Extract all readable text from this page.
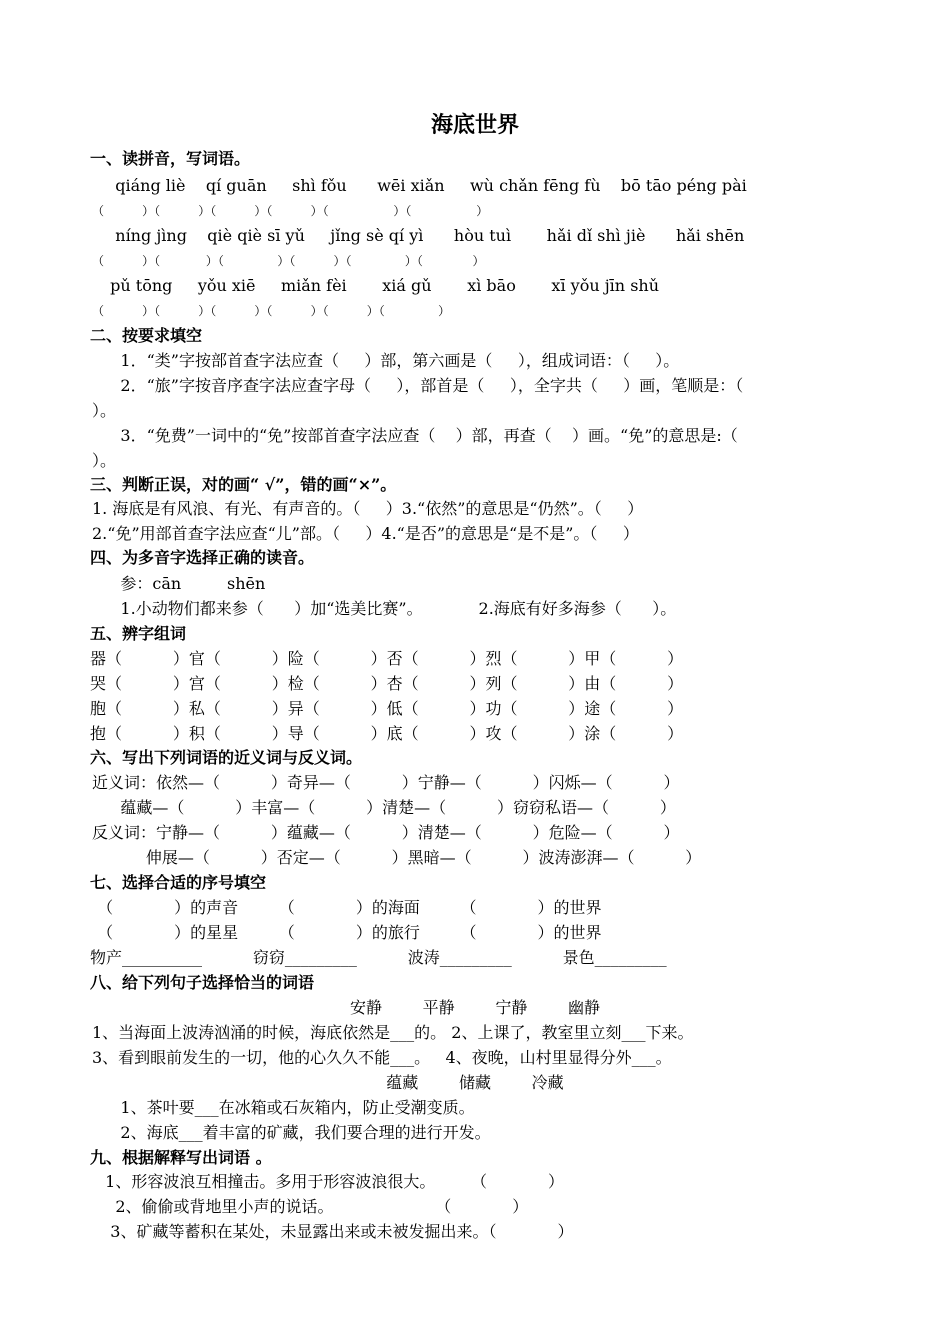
海底世界
一、读拼音，写词语。
qiáng liè    qí guān     shì fǒu      wēi xiǎn     wù chǎn fēng fù    bō tāo péng pài
（          ）（          ）（          ）（          ）（                 ）（                 ）
níng jìng    qiè qiè sī yǔ     jǐng sè qí yì      hòu tuì       hǎi dǐ shì jiè      hǎi shēn
（          ）（            ）（              ）（          ）（              ）（             ）
pǔ tōng     yǒu xiē     miǎn fèi       xiá gǔ       xì bāo       xī yǒu jīn shǔ
（          ）（          ）（          ）（          ）（          ）（              ）
二、按要求填空
1．“类”字按部首查字法应查（     ）部，第六画是（     ），组成词语：（     ）。
2．“旅”字按音序查字法应查字母（     ），部首是（     ），全字共（     ）画，笔顺是：（
）。
3．“免费”一词中的“免”按部首查字法应查（    ）部，再查（    ）画。“免”的意思是:（
）。
三、判断正误，对的画“ √”，错的画“×”。
1. 海底是有风浪、有光、有声音的。（     ）3.“依然”的意思是“仍然”。（     ）
2.“免”用部首查字法应查“儿”部。（     ）4.“是否”的意思是“是不是”。（     ）
四、为多音字选择正确的读音。
参：cān         shēn
1.小动物们都来参（      ）加“选美比赛”。           2.海底有好多海参（      ）。
五、辨字组词
器（          ）官（          ）险（          ）否（          ）烈（          ）甲（          ）
哭（          ）宫（          ）检（          ）杏（          ）列（          ）由（          ）
胞（          ）私（          ）异（          ）低（          ）功（          ）途（          ）
抱（          ）积（          ）导（          ）底（          ）攻（          ）涂（          ）
六、写出下列词语的近义词与反义词。
近义词：依然—（          ）奇异—（          ）宁静—（          ）闪烁—（          ）
蕴藏—（          ）丰富—（          ）清楚—（          ）窃窃私语—（          ）
反义词：宁静—（          ）蕴藏—（          ）清楚—（          ）危险—（          ）
伸展—（          ）否定—（          ）黑暗—（          ）波涛澎湃—（          ）
七、选择合适的序号填空
（            ）的声音        （            ）的海面        （            ）的世界
（            ）的星星        （            ）的旅行        （            ）的世界
物产__________          窃窃_________          波涛_________          景色_________
八、给下列句子选择恰当的词语
安静        平静        宁静        幽静
1、当海面上波涛汹涌的时候，海底依然是___的。 2、上课了，教室里立刻___下来。
3、看到眼前发生的一切，他的心久久不能___。   4、夜晚，山村里显得分外___。
蕴藏        储藏        冷藏
1、茶叶要___在冰箱或石灰箱内，防止受潮变质。
2、海底___着丰富的矿藏，我们要合理的进行开发。
九、根据解释写出词语 。
1、形容波浪互相撞击。多用于形容波浪很大。       （            ）
2、偷偷或背地里小声的说话。                    （            ）
3、矿藏等蓄积在某处，未显露出来或未被发掘出来。（            ）
